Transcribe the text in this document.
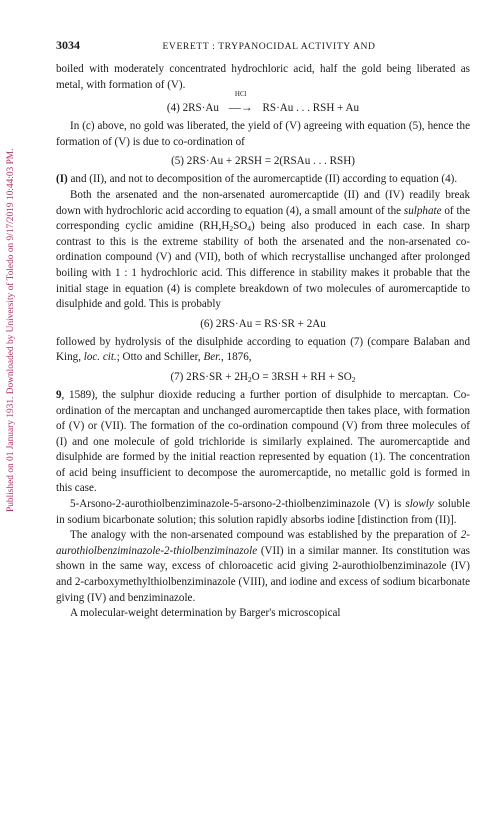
Published on 01 January 1931. Downloaded by University of Toledo on 9/17/2019 10:44:03 PM.
3034	EVERETT : TRYPANOCIDAL ACTIVITY AND

boiled with moderately concentrated hydrochloric acid, half the gold being liberated as metal, with formation of (V).

(4) 2RS·Au
HCl
—→ RS·Au . . . RSH + Au

In (c) above, no gold was liberated, the yield of (V) agreeing with equation (5), hence the formation of (V) is due to co-ordination of

(5) 2RS·Au + 2RSH = 2(RSAu . . . RSH)

(I) and (II), and not to decomposition of the auromercaptide (II) according to equation (4).

Both the arsenated and the non-arsenated auromercaptide (II) and (IV) readily break down with hydrochloric acid according to equation (4), a small amount of the sulphate of the corresponding cyclic amidine $(RH,H_2SO_4)$ being also produced in each case. In sharp contrast to this is the extreme stability of both the arsenated and the non-arsenated co-ordination compound (V) and (VII), both of which recrystallise unchanged after prolonged boiling with 1 : 1 hydrochloric acid. This difference in stability makes it probable that the initial stage in equation (4) is complete breakdown of two molecules of auromercaptide to disulphide and gold. This is probably

(6) 2RS·Au = RS·SR + 2Au

followed by hydrolysis of the disulphide according to equation (7) (compare Balaban and King, loc. cit.; Otto and Schiller, Ber., 1876,

(7) $2RS\cdot SR + 2H_2O = 3RSH$ + RH + $SO_2$

9, 1589), the sulphur dioxide reducing a further portion of disulphide to mercaptan. Co-ordination of the mercaptan and unchanged auromercaptide then takes place, with formation of (V) or (VII). The formation of the co-ordination compound (V) from three molecules of (I) and one molecule of gold trichloride is similarly explained. The auromercaptide and disulphide are formed by the initial reaction represented by equation (1). The concentration of acid being insufficient to decompose the auromercaptide, no metallic gold is formed in this case.

5-Arsono-2-aurothiolbenziminazole-5-arsono-2-thiolbenziminazole (V) is slowly soluble in sodium bicarbonate solution; this solution rapidly absorbs iodine [distinction from (II)].

The analogy with the non-arsenated compound was established by the preparation of 2-aurothiolbenziminazole-2-thiolbenziminazole (VII) in a similar manner. Its constitution was shown in the same way, excess of chloroacetic acid giving 2-aurothiolbenziminazole (IV) and 2-carboxymethylthiolbenziminazole (VIII), and iodine and excess of sodium bicarbonate giving (IV) and benziminazole.

A molecular-weight determination by Barger's microscopical
